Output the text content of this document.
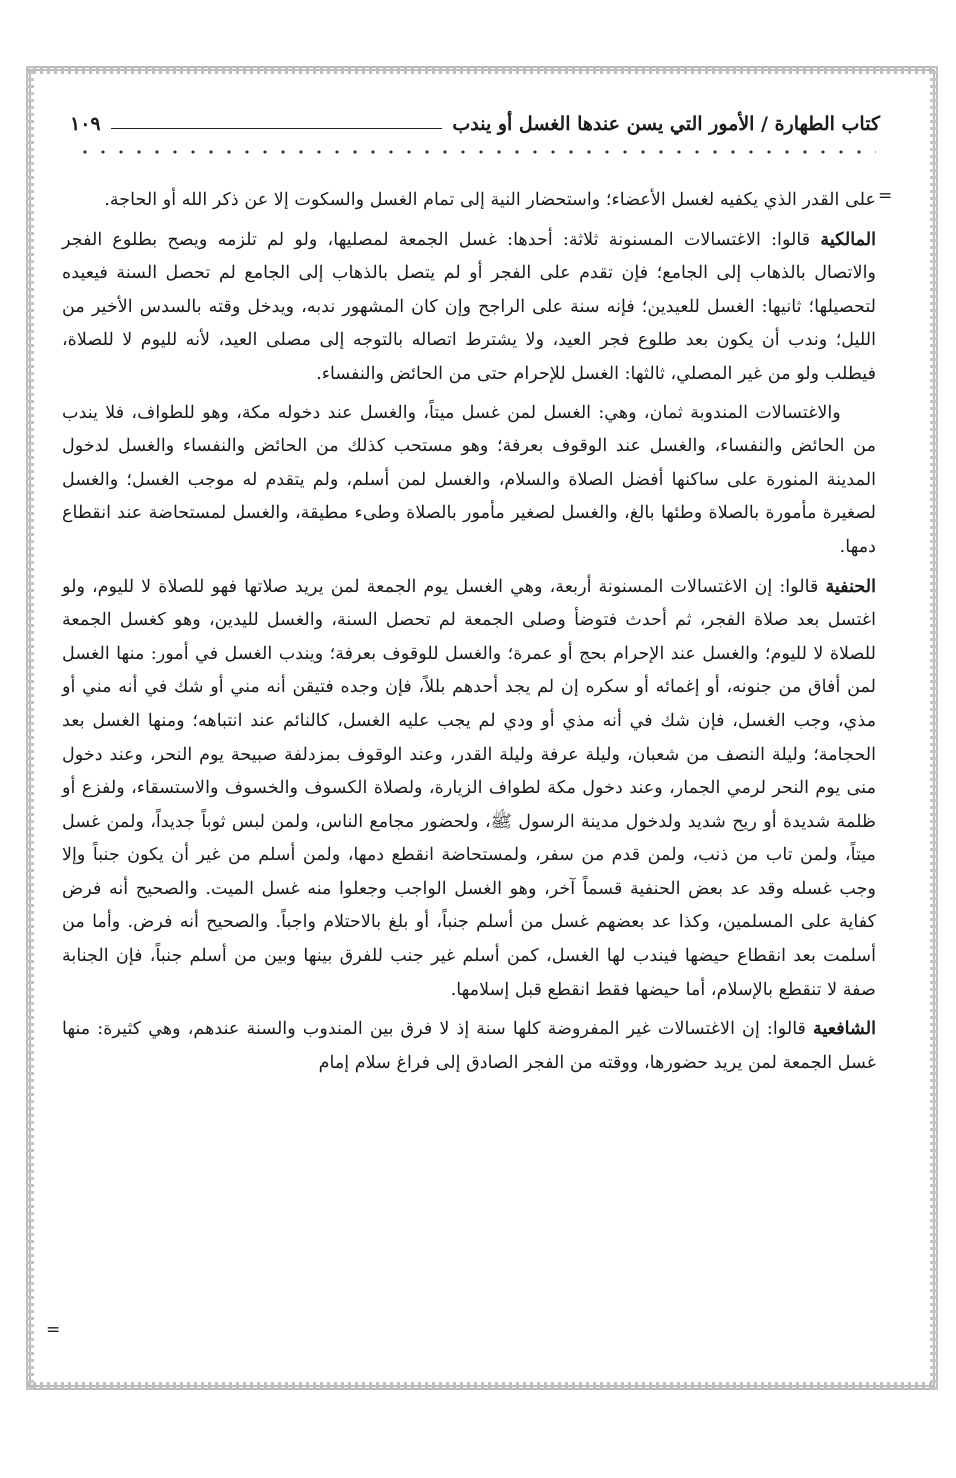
كتاب الطهارة / الأمور التي يسن عندها الغسل أو يندب
١٠٩
=

على القدر الذي يكفيه لغسل الأعضاء؛ واستحضار النية إلى تمام الغسل والسكوت إلا عن ذكر الله أو الحاجة.

المالكية قالوا: الاغتسالات المسنونة ثلاثة: أحدها: غسل الجمعة لمصليها، ولو لم تلزمه ويصح بطلوع الفجر والاتصال بالذهاب إلى الجامع؛ فإن تقدم على الفجر أو لم يتصل بالذهاب إلى الجامع لم تحصل السنة فيعيده لتحصيلها؛ ثانيها: الغسل للعيدين؛ فإنه سنة على الراجح وإن كان المشهور ندبه، ويدخل وقته بالسدس الأخير من الليل؛ وندب أن يكون بعد طلوع فجر العيد، ولا يشترط اتصاله بالتوجه إلى مصلى العيد، لأنه لليوم لا للصلاة، فيطلب ولو من غير المصلي، ثالثها: الغسل للإحرام حتى من الحائض والنفساء.

والاغتسالات المندوبة ثمان، وهي: الغسل لمن غسل ميتاً، والغسل عند دخوله مكة، وهو للطواف، فلا يندب من الحائض والنفساء، والغسل عند الوقوف بعرفة؛ وهو مستحب كذلك من الحائض والنفساء والغسل لدخول المدينة المنورة على ساكنها أفضل الصلاة والسلام، والغسل لمن أسلم، ولم يتقدم له موجب الغسل؛ والغسل لصغيرة مأمورة بالصلاة وطئها بالغ، والغسل لصغير مأمور بالصلاة وطىء مطيقة، والغسل لمستحاضة عند انقطاع دمها.

الحنفية قالوا: إن الاغتسالات المسنونة أربعة، وهي الغسل يوم الجمعة لمن يريد صلاتها فهو للصلاة لا لليوم، ولو اغتسل بعد صلاة الفجر، ثم أحدث فتوضأ وصلى الجمعة لم تحصل السنة، والغسل لليدين، وهو كغسل الجمعة للصلاة لا لليوم؛ والغسل عند الإحرام بحج أو عمرة؛ والغسل للوقوف بعرفة؛ ويندب الغسل في أمور: منها الغسل لمن أفاق من جنونه، أو إغمائه أو سكره إن لم يجد أحدهم بللاً، فإن وجده فتيقن أنه مني أو شك في أنه مني أو مذي، وجب الغسل، فإن شك في أنه مذي أو ودي لم يجب عليه الغسل، كالنائم عند انتباهه؛ ومنها الغسل بعد الحجامة؛ وليلة النصف من شعبان، وليلة عرفة وليلة القدر، وعند الوقوف بمزدلفة صبيحة يوم النحر، وعند دخول منى يوم النحر لرمي الجمار، وعند دخول مكة لطواف الزيارة، ولصلاة الكسوف والخسوف والاستسقاء، ولفزع أو ظلمة شديدة أو ريح شديد ولدخول مدينة الرسول ﷺ، ولحضور مجامع الناس، ولمن لبس ثوباً جديداً، ولمن غسل ميتاً، ولمن تاب من ذنب، ولمن قدم من سفر، ولمستحاضة انقطع دمها، ولمن أسلم من غير أن يكون جنباً وإلا وجب غسله وقد عد بعض الحنفية قسماً آخر، وهو الغسل الواجب وجعلوا منه غسل الميت. والصحيح أنه فرض كفاية على المسلمين، وكذا عد بعضهم غسل من أسلم جنباً، أو بلغ بالاحتلام واجباً. والصحيح أنه فرض. وأما من أسلمت بعد انقطاع حيضها فيندب لها الغسل، كمن أسلم غير جنب للفرق بينها وبين من أسلم جنباً، فإن الجنابة صفة لا تنقطع بالإسلام، أما حيضها فقط انقطع قبل إسلامها.

الشافعية قالوا: إن الاغتسالات غير المفروضة كلها سنة إذ لا فرق بين المندوب والسنة عندهم، وهي كثيرة: منها غسل الجمعة لمن يريد حضورها، ووقته من الفجر الصادق إلى فراغ سلام إمام

=
